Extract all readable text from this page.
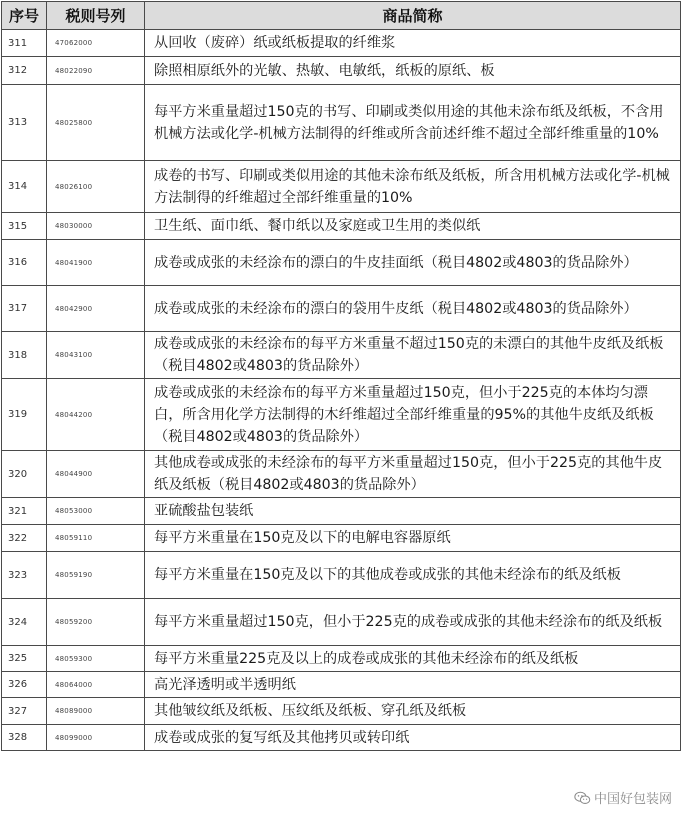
序号	税则号列	商品简称
311	47062000	从回收（废碎）纸或纸板提取的纤维浆
312	48022090	除照相原纸外的光敏、热敏、电敏纸，纸板的原纸、板
313	48025800	每平方米重量超过150克的书写、印刷或类似用途的其他未涂布纸及纸板，不含用机械方法或化学-机械方法制得的纤维或所含前述纤维不超过全部纤维重量的10%
314	48026100	成卷的书写、印刷或类似用途的其他未涂布纸及纸板，所含用机械方法或化学-机械方法制得的纤维超过全部纤维重量的10%
315	48030000	卫生纸、面巾纸、餐巾纸以及家庭或卫生用的类似纸
316	48041900	成卷或成张的未经涂布的漂白的牛皮挂面纸（税目4802或4803的货品除外）
317	48042900	成卷或成张的未经涂布的漂白的袋用牛皮纸（税目4802或4803的货品除外）
318	48043100	成卷或成张的未经涂布的每平方米重量不超过150克的未漂白的其他牛皮纸及纸板（税目4802或4803的货品除外）
319	48044200	成卷或成张的未经涂布的每平方米重量超过150克，但小于225克的本体均匀漂白，所含用化学方法制得的木纤维超过全部纤维重量的95%的其他牛皮纸及纸板（税目4802或4803的货品除外）
320	48044900	其他成卷或成张的未经涂布的每平方米重量超过150克，但小于225克的其他牛皮纸及纸板（税目4802或4803的货品除外）
321	48053000	亚硫酸盐包装纸
322	48059110	每平方米重量在150克及以下的电解电容器原纸
323	48059190	每平方米重量在150克及以下的其他成卷或成张的其他未经涂布的纸及纸板
324	48059200	每平方米重量超过150克，但小于225克的成卷或成张的其他未经涂布的纸及纸板
325	48059300	每平方米重量225克及以上的成卷或成张的其他未经涂布的纸及纸板
326	48064000	高光泽透明或半透明纸
327	48089000	其他皱纹纸及纸板、压纹纸及纸板、穿孔纸及纸板
328	48099000	成卷或成张的复写纸及其他拷贝或转印纸
中国好包装网
